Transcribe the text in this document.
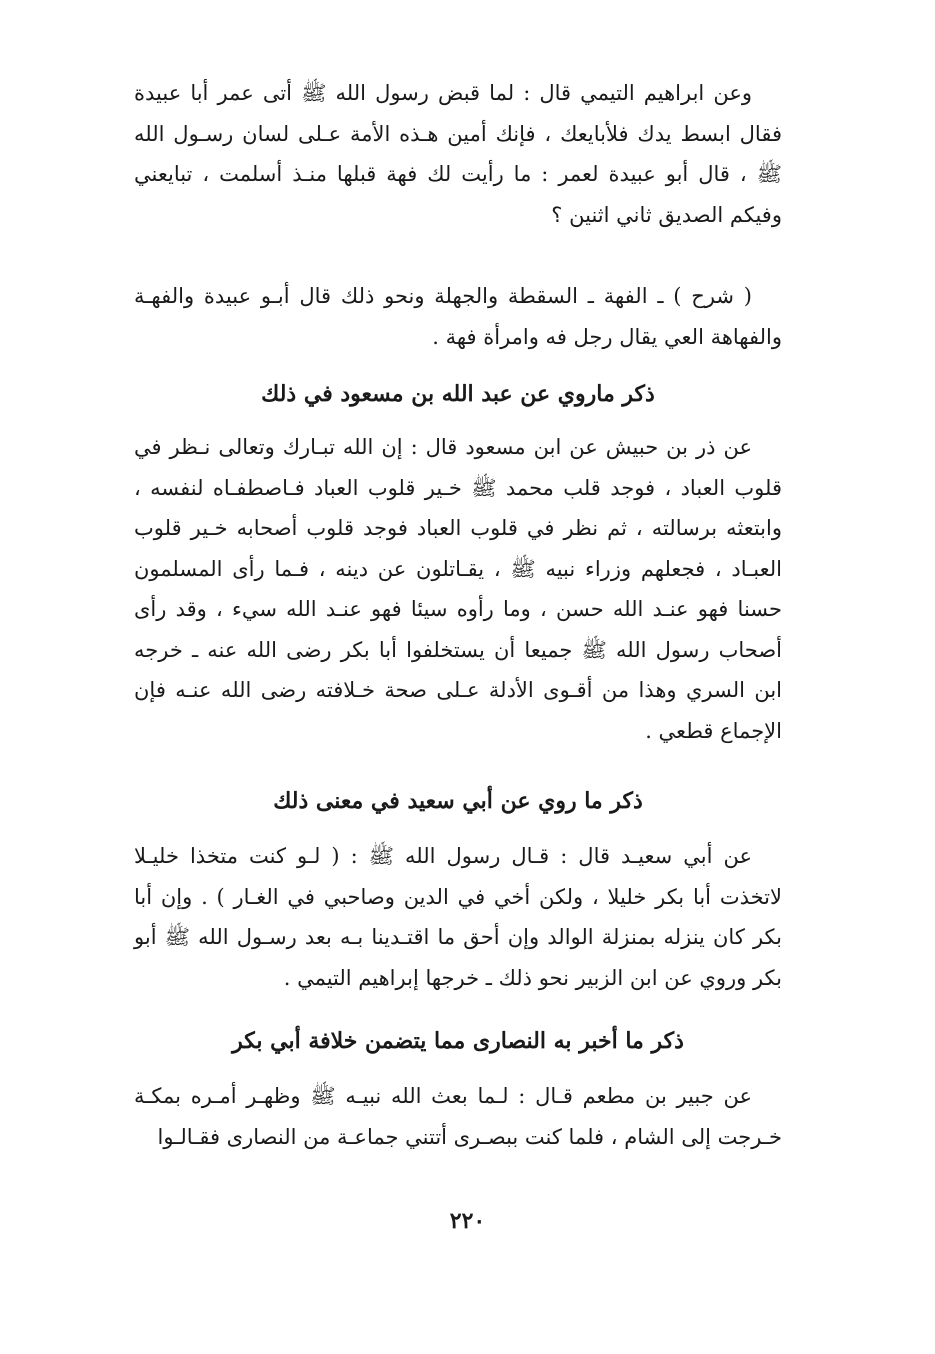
وعن ابراهيم التيمي قال : لما قبض رسول الله ﷺ أتى عمر أبا عبيدة فقال ابسط يدك فلأبايعك ، فإنك أمين هـذه الأمة عـلى لسان رسـول الله ﷺ ، قال أبو عبيدة لعمر : ما رأيت لك فهة قبلها منـذ أسلمت ، تبايعني وفيكم الصديق ثاني اثنين ؟

( شرح ) ـ الفهة ـ السقطة والجهلة ونحو ذلك قال أبـو عبيدة والفهـة والفهاهة العي يقال رجل فه وامرأة فهة .

ذكر ماروي عن عبد الله بن مسعود في ذلك

عن ذر بن حبيش عن ابن مسعود قال : إن الله تبـارك وتعالى نـظر في قلوب العباد ، فوجد قلب محمد ﷺ خـير قلوب العباد فـاصطفـاه لنفسه ، وابتعثه برسالته ، ثم نظر في قلوب العباد فوجد قلوب أصحابه خـير قلوب العبـاد ، فجعلهم وزراء نبيه ﷺ ، يقـاتلون عن دينه ، فـما رأى المسلمون حسنا فهو عنـد الله حسن ، وما رأوه سيئا فهو عنـد الله سيء ، وقد رأى أصحاب رسول الله ﷺ جميعا أن يستخلفوا أبا بكر رضى الله عنه ـ خرجه ابن السري وهذا من أقـوى الأدلة عـلى صحة خـلافته رضى الله عنـه فإن الإجماع قطعي .

ذكر ما روي عن أبي سعيد في معنى ذلك

عن أبي سعيـد قال : قـال رسول الله ﷺ : ( لـو كنت متخذا خليـلا لاتخذت أبا بكر خليلا ، ولكن أخي في الدين وصاحبي في الغـار ) . وإن أبا بكر كان ينزله بمنزلة الوالد وإن أحق ما اقتـدينا بـه بعد رسـول الله ﷺ أبو بكر وروي عن ابن الزبير نحو ذلك ـ خرجها إبراهيم التيمي .

ذكر ما أخبر به النصارى مما يتضمن خلافة أبي بكر

عن جبير بن مطعم قـال : لـما بعث الله نبيـه ﷺ وظهـر أمـره بمكـة خـرجت إلى الشام ، فلما كنت ببصـرى أتتني جماعـة من النصارى فقـالـوا

٢٢٠
